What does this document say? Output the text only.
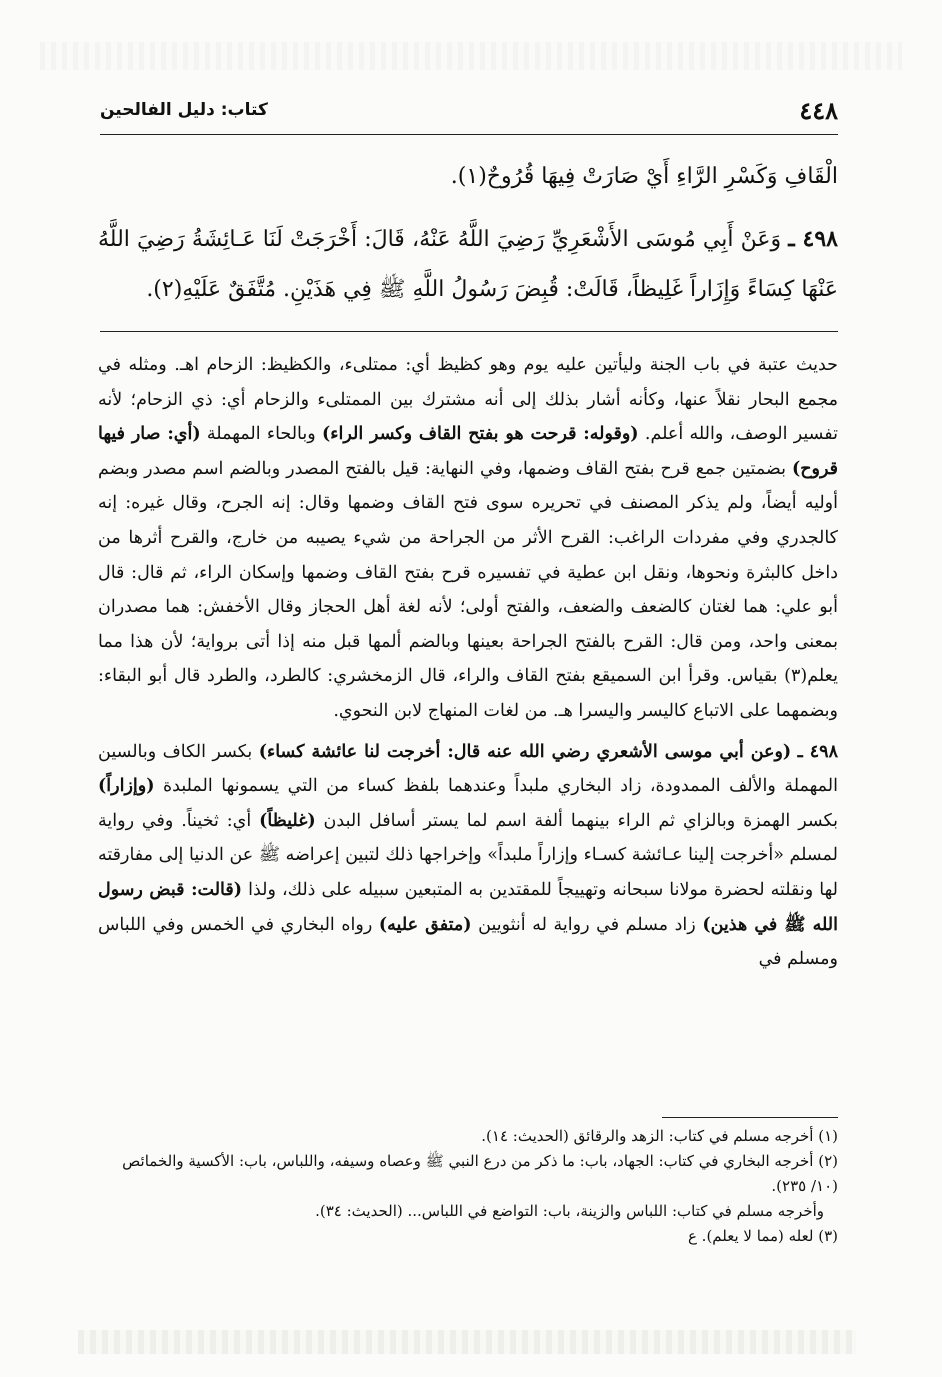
٤٤٨
كتاب: دليل الفالحين
الْقَافِ وَكَسْرِ الرَّاءِ أَيْ صَارَتْ فِيهَا قُرُوحٌ(١).
٤٩٨ ـ وَعَنْ أَبِي مُوسَى الأَشْعَرِيِّ رَضِيَ اللَّهُ عَنْهُ، قَالَ: أَخْرَجَتْ لَنَا عَـائِشَةُ رَضِيَ اللَّهُ عَنْهَا كِسَاءً وَإِزَاراً غَلِيظاً، قَالَتْ: قُبِضَ رَسُولُ اللَّهِ ﷺ فِي هَذَيْنِ. مُتَّفَقٌ عَلَيْهِ(٢).

حديث عتبة في باب الجنة وليأتين عليه يوم وهو كظيظ أي: ممتلىء، والكظيظ: الزحام اهـ. ومثله في مجمع البحار نقلاً عنها، وكأنه أشار بذلك إلى أنه مشترك بين الممتلىء والزحام أي: ذي الزحام؛ لأنه تفسير الوصف، والله أعلم. (وقوله: قرحت هو بفتح القاف وكسر الراء) وبالحاء المهملة (أي: صار فيها قروح) بضمتين جمع قرح بفتح القاف وضمها، وفي النهاية: قيل بالفتح المصدر وبالضم اسم مصدر وبضم أوليه أيضاً، ولم يذكر المصنف في تحريره سوى فتح القاف وضمها وقال: إنه الجرح، وقال غيره: إنه كالجدري وفي مفردات الراغب: القرح الأثر من الجراحة من شيء يصيبه من خارج، والقرح أثرها من داخل كالبثرة ونحوها، ونقل ابن عطية في تفسيره قرح بفتح القاف وضمها وإسكان الراء، ثم قال: قال أبو علي: هما لغتان كالضعف والضعف، والفتح أولى؛ لأنه لغة أهل الحجاز وقال الأخفش: هما مصدران بمعنى واحد، ومن قال: القرح بالفتح الجراحة بعينها وبالضم ألمها قبل منه إذا أتى برواية؛ لأن هذا مما يعلم(٣) بقياس. وقرأ ابن السميقع بفتح القاف والراء، قال الزمخشري: كالطرد، والطرد قال أبو البقاء: وبضمهما على الاتباع كاليسر واليسرا هـ. من لغات المنهاج لابن النحوي.

٤٩٨ ـ (وعن أبي موسى الأشعري رضي الله عنه قال: أخرجت لنا عائشة كساء) بكسر الكاف وبالسين المهملة والألف الممدودة، زاد البخاري ملبداً وعندهما بلفظ كساء من التي يسمونها الملبدة (وإزاراً) بكسر الهمزة وبالزاي ثم الراء بينهما ألفة اسم لما يستر أسافل البدن (غليظاً) أي: ثخيناً. وفي رواية لمسلم «أخرجت إلينا عـائشة كسـاء وإزاراً ملبداً» وإخراجها ذلك لتبين إعراضه ﷺ عن الدنيا إلى مفارقته لها ونقلته لحضرة مولانا سبحانه وتهييجاً للمقتدين به المتبعين سبيله على ذلك، ولذا (قالت: قبض رسول الله ﷺ في هذين) زاد مسلم في رواية له أنثويين (متفق عليه) رواه البخاري في الخمس وفي اللباس ومسلم في

(١) أخرجه مسلم في كتاب: الزهد والرقائق (الحديث: ١٤).
(٢) أخرجه البخاري في كتاب: الجهاد، باب: ما ذكر من درع النبي ﷺ وعصاه وسيفه، واللباس، باب: الأكسية والخمائص (١٠/ ٢٣٥).
وأخرجه مسلم في كتاب: اللباس والزينة، باب: التواضع في اللباس... (الحديث: ٣٤).
(٣) لعله (مما لا يعلم). ع
